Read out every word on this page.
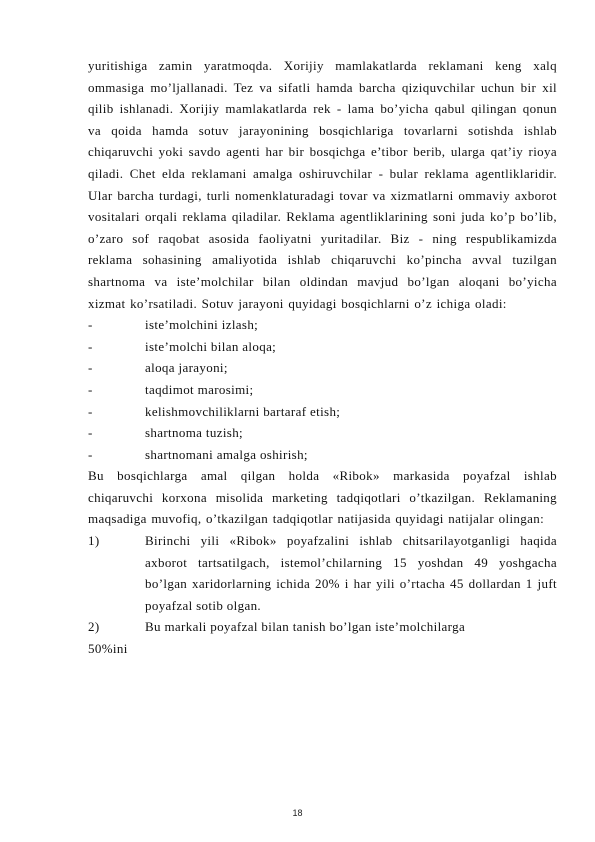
yuritishiga zamin yaratmoqda. Xorijiy mamlakatlarda reklamani keng xalq ommasiga mo’ljallanadi. Tez va sifatli hamda barcha qiziquvchilar uchun bir xil qilib ishlanadi. Xorijiy mamlakatlarda rek - lama bo’yicha qabul qilingan qonun va qoida hamda sotuv jarayonining bosqichlariga tovarlarni sotishda ishlab chiqaruvchi yoki savdo agenti har bir bosqichga e’tibor berib, ularga qat’iy rioya qiladi. Chet elda reklamani amalga oshiruvchilar - bular reklama agentliklaridir. Ular barcha turdagi, turli nomenklaturadagi tovar va xizmatlarni ommaviy axborot vositalari orqali reklama qiladilar. Reklama agentliklarining soni juda ko’p bo’lib, o’zaro sof raqobat asosida faoliyatni yuritadilar. Biz - ning respublikamizda reklama sohasining amaliyotida ishlab chiqaruvchi ko’pincha avval tuzilgan shartnoma va iste’molchilar bilan oldindan mavjud bo’lgan aloqani bo’yicha xizmat ko’rsatiladi. Sotuv jarayoni quyidagi bosqichlarni o’z ichiga oladi:

-	iste’molchini izlash;
-	iste’molchi bilan aloqa;
-	aloqa jarayoni;
-	taqdimot marosimi;
-	kelishmovchiliklarni bartaraf etish;
-	shartnoma tuzish;
-	shartnomani amalga oshirish;

Bu bosqichlarga amal qilgan holda «Ribok» markasida poyafzal ishlab chiqaruvchi korxona misolida marketing tadqiqotlari o’tkazilgan. Reklamaning maqsadiga muvofiq, o’tkazilgan tadqiqotlar natijasida quyidagi natijalar olingan:

1)	Birinchi yili «Ribok» poyafzalini ishlab chitsarilayotganligi haqida axborot tartsatilgach, istemol’chilarning 15 yoshdan 49 yoshgacha bo’lgan xaridorlarning ichida 20% i har yili o’rtacha 45 dollardan 1 juft poyafzal sotib olgan.
2)	Bu markali poyafzal bilan tanish bo’lgan iste’molchilarga

50%ini

18
